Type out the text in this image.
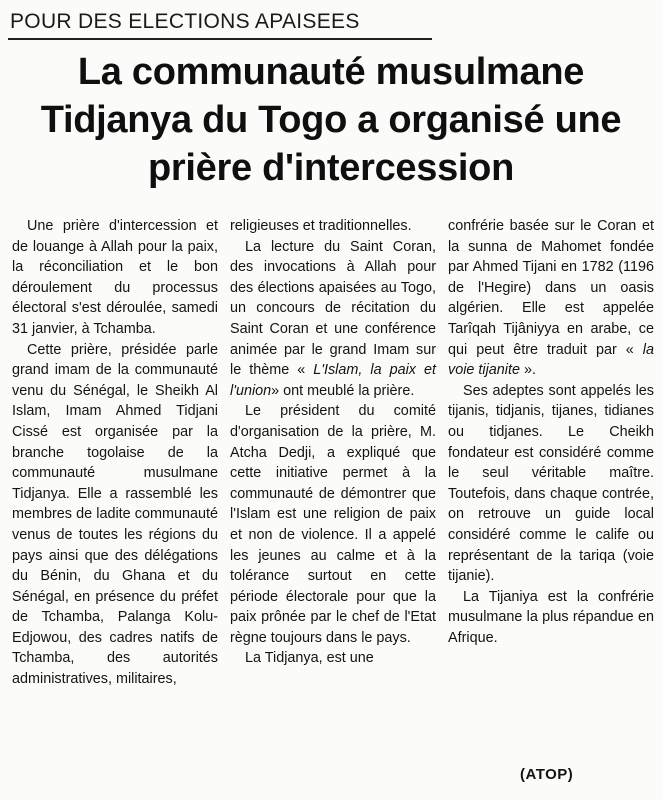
POUR DES ELECTIONS APAISEES
La communauté musulmane Tidjanya du Togo a organisé une prière d'intercession

Une prière d'intercession et de louange à Allah pour la paix, la réconciliation et le bon déroulement du processus électoral s'est déroulée, samedi 31 janvier, à Tchamba.

Cette prière, présidée parle grand imam de la communauté venu du Sénégal, le Sheikh Al Islam, Imam Ahmed Tidjani Cissé est organisée par la branche togolaise de la communauté musulmane Tidjanya. Elle a rassemblé les membres de ladite communauté venus de toutes les régions du pays ainsi que des délégations du Bénin, du Ghana et du Sénégal, en présence du préfet de Tchamba, Palanga Kolu-Edjowou, des cadres natifs de Tchamba, des autorités administratives, militaires,

religieuses et traditionnelles.

La lecture du Saint Coran, des invocations à Allah pour des élections apaisées au Togo, un concours de récitation du Saint Coran et une conférence animée par le grand Imam sur le thème « L'Islam, la paix et l'union» ont meublé la prière.

Le président du comité d'organisation de la prière, M. Atcha Dedji, a expliqué que cette initiative permet à la communauté de démontrer que l'Islam est une religion de paix et non de violence. Il a appelé les jeunes au calme et à la tolérance surtout en cette période électorale pour que la paix prônée par le chef de l'Etat règne toujours dans le pays.

La Tidjanya, est une

confrérie basée sur le Coran et la sunna de Mahomet fondée par Ahmed Tijani en 1782 (1196 de l'Hegire) dans un oasis algérien. Elle est appelée Tarîqah Tijâniyya en arabe, ce qui peut être traduit par « la voie tijanite ».

Ses adeptes sont appelés les tijanis, tidjanis, tijanes, tidianes ou tidjanes. Le Cheikh fondateur est considéré comme le seul véritable maître. Toutefois, dans chaque contrée, on retrouve un guide local considéré comme le calife ou représentant de la tariqa (voie tijanie).

La Tijaniya est la confrérie musulmane la plus répandue en Afrique.

(ATOP)
